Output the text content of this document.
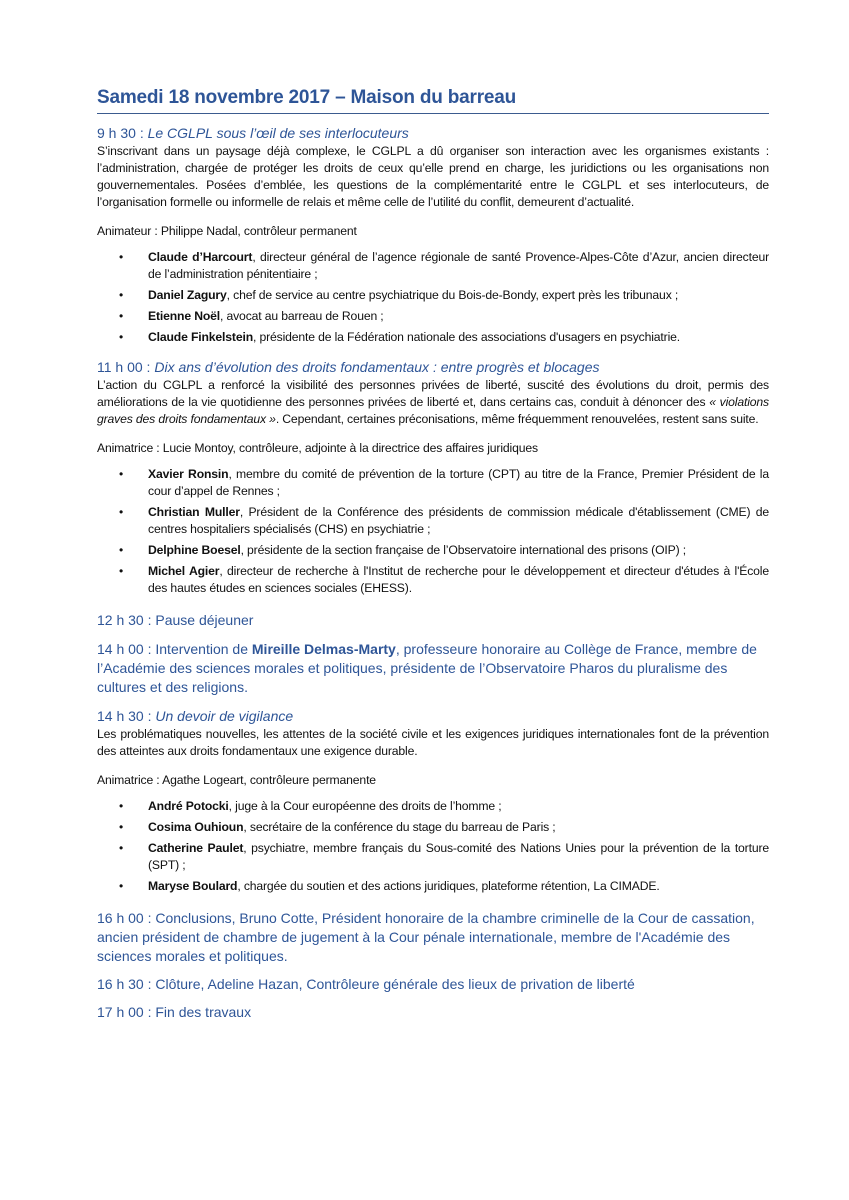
Samedi 18 novembre 2017 – Maison du barreau

9 h 30 : Le CGLPL sous l’œil de ses interlocuteurs

S’inscrivant dans un paysage déjà complexe, le CGLPL a dû organiser son interaction avec les organismes existants : l’administration, chargée de protéger les droits de ceux qu’elle prend en charge, les juridictions ou les organisations non gouvernementales. Posées d’emblée, les questions de la complémentarité entre le CGLPL et ses interlocuteurs, de l’organisation formelle ou informelle de relais et même celle de l’utilité du conflit, demeurent d’actualité.

Animateur : Philippe Nadal, contrôleur permanent

• Claude d’Harcourt, directeur général de l’agence régionale de santé Provence-Alpes-Côte d’Azur, ancien directeur de l’administration pénitentiaire ;
• Daniel Zagury, chef de service au centre psychiatrique du Bois-de-Bondy, expert près les tribunaux ;
• Etienne Noël, avocat au barreau de Rouen ;
• Claude Finkelstein, présidente de la Fédération nationale des associations d'usagers en psychiatrie.

11 h 00 : Dix ans d’évolution des droits fondamentaux : entre progrès et blocages

L’action du CGLPL a renforcé la visibilité des personnes privées de liberté, suscité des évolutions du droit, permis des améliorations de la vie quotidienne des personnes privées de liberté et, dans certains cas, conduit à dénoncer des « violations graves des droits fondamentaux ». Cependant, certaines préconisations, même fréquemment renouvelées, restent sans suite.

Animatrice : Lucie Montoy, contrôleure, adjointe à la directrice des affaires juridiques

• Xavier Ronsin, membre du comité de prévention de la torture (CPT) au titre de la France, Premier Président de la cour d’appel de Rennes ;
• Christian Muller, Président de la Conférence des présidents de commission médicale d'établissement (CME) de centres hospitaliers spécialisés (CHS) en psychiatrie ;
• Delphine Boesel, présidente de la section française de l’Observatoire international des prisons (OIP) ;
• Michel Agier, directeur de recherche à l'Institut de recherche pour le développement et directeur d'études à l'École des hautes études en sciences sociales (EHESS).

12 h 30 : Pause déjeuner

14 h 00 : Intervention de Mireille Delmas-Marty, professeure honoraire au Collège de France, membre de l’Académie des sciences morales et politiques, présidente de l’Observatoire Pharos du pluralisme des cultures et des religions.

14 h 30 : Un devoir de vigilance

Les problématiques nouvelles, les attentes de la société civile et les exigences juridiques internationales font de la prévention des atteintes aux droits fondamentaux une exigence durable.

Animatrice : Agathe Logeart, contrôleure permanente

• André Potocki, juge à la Cour européenne des droits de l’homme ;
• Cosima Ouhioun, secrétaire de la conférence du stage du barreau de Paris ;
• Catherine Paulet, psychiatre, membre français du Sous-comité des Nations Unies pour la prévention de la torture (SPT) ;
• Maryse Boulard, chargée du soutien et des actions juridiques, plateforme rétention, La CIMADE.

16 h 00 : Conclusions, Bruno Cotte, Président honoraire de la chambre criminelle de la Cour de cassation, ancien président de chambre de jugement à la Cour pénale internationale, membre de l'Académie des sciences morales et politiques.

16 h 30 : Clôture, Adeline Hazan, Contrôleure générale des lieux de privation de liberté

17 h 00 : Fin des travaux
